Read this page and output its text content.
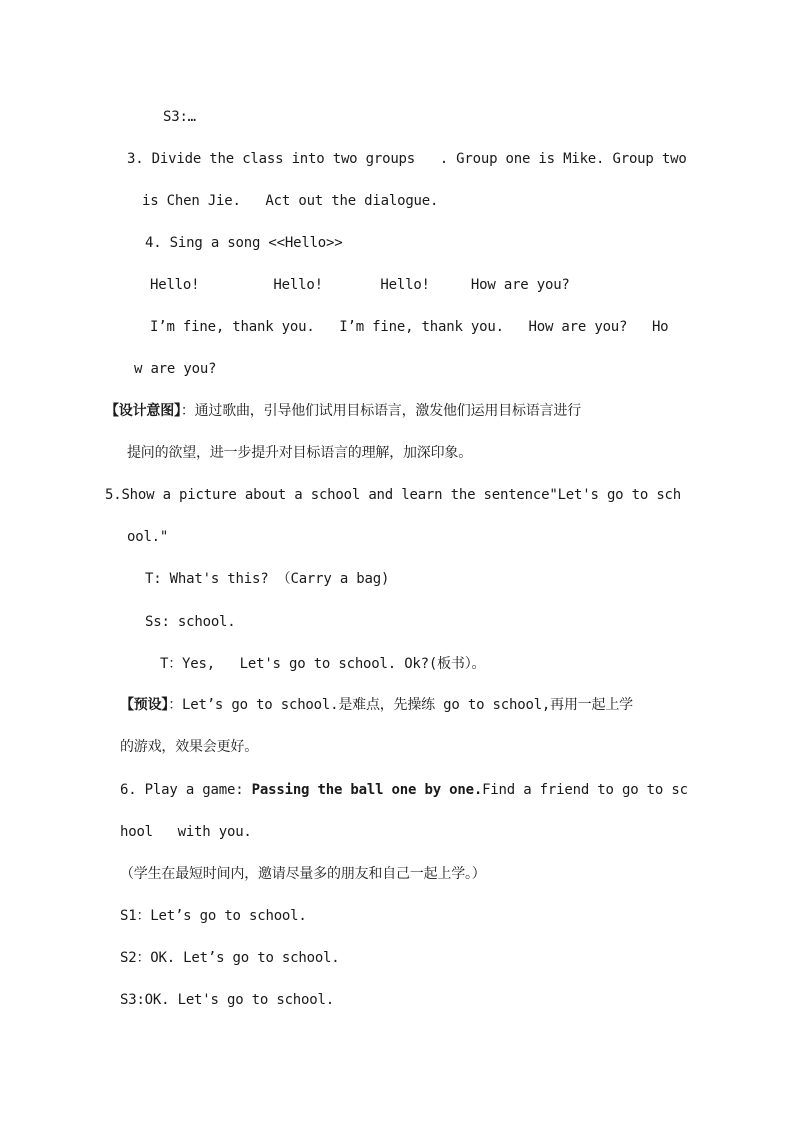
S3:…
3. Divide the class into two groups   . Group one is Mike. Group two
is Chen Jie.   Act out the dialogue.
4. Sing a song <<Hello>>
Hello!         Hello!       Hello!     How are you?
I’m fine, thank you.   I’m fine, thank you.   How are you?   Ho
w are you?
【设计意图】：通过歌曲，引导他们试用目标语言，激发他们运用目标语言进行
提问的欲望，进一步提升对目标语言的理解，加深印象。
5.Show a picture about a school and learn the sentence"Let's go to sch
ool."
T: What's this? （Carry a bag)
Ss: school.
T：Yes,   Let's go to school. Ok?(板书）。
【预设】：Let’s go to school.是难点，先操练 go to school,再用一起上学
的游戏，效果会更好。
6. Play a game: Passing the ball one by one.Find a friend to go to sc
hool   with you.
（学生在最短时间内，邀请尽量多的朋友和自己一起上学。）
S1：Let’s go to school.
S2：OK. Let’s go to school.
S3:OK. Let's go to school.
